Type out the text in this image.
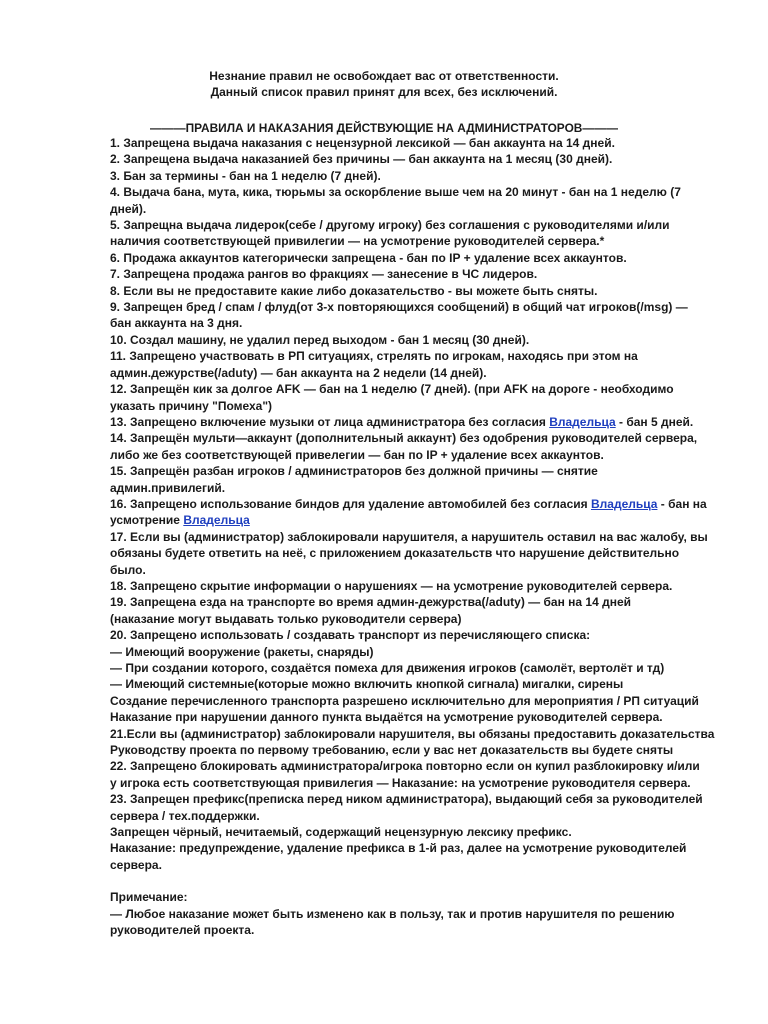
Незнание правил не освобождает вас от ответственности.
Данный список правил принят для всех, без исключений.
———ПРАВИЛА И НАКАЗАНИЯ ДЕЙСТВУЮЩИЕ НА АДМИНИСТРАТОРОВ———
1. Запрещена выдача наказания с нецензурной лексикой — бан аккаунта на 14 дней.
2. Запрещена выдача наказанией без причины — бан аккаунта на 1 месяц (30 дней).
3. Бан за термины - бан на 1 неделю (7 дней).
4. Выдача бана, мута, кика, тюрьмы за оскорбление выше чем на 20 минут - бан на 1 неделю (7
дней).
5. Запрещна выдача лидерок(себе / другому игроку) без соглашения с руководителями и/или
наличия соответствующей привилегии — на усмотрение руководителей сервера.*
6. Продажа аккаунтов категорически запрещена - бан по IP + удаление всех аккаунтов.
7. Запрещена продажа рангов во фракциях — занесение в ЧС лидеров.
8. Если вы не предоставите какие либо доказательство - вы можете быть сняты.
9. Запрещен бред / спам / флуд(от 3-х повторяющихся сообщений) в общий чат игроков(/msg) —
бан аккаунта на 3 дня.
10. Создал машину, не удалил перед выходом - бан 1 месяц (30 дней).
11. Запрещено участвовать в РП ситуациях, стрелять по игрокам, находясь при этом на
админ.дежурстве(/aduty) — бан аккаунта на 2 недели (14 дней).
12. Запрещён кик за долгое AFK — бан на 1 неделю (7 дней). (при AFK на дороге - необходимо
указать причину "Помеха")
13. Запрещено включение музыки от лица администратора без согласия Владельца - бан 5 дней.
14. Запрещён мульти—аккаунт (дополнительный аккаунт) без одобрения руководителей сервера,
либо же без соответствующей привелегии — бан по IP + удаление всех аккаунтов.
15. Запрещён разбан игроков / администраторов без должной причины — снятие
админ.привилегий.
16. Запрещено использование биндов для удаление автомобилей без согласия Владельца - бан на
усмотрение Владельца
17. Если вы (администратор) заблокировали нарушителя, а нарушитель оставил на вас жалобу, вы
обязаны будете ответить на неё, с приложением доказательств что нарушение действительно
было.
18. Запрещено скрытие информации о нарушениях — на усмотрение руководителей сервера.
19. Запрещена езда на транспорте во время админ-дежурства(/aduty) — бан на 14 дней
(наказание могут выдавать только руководители сервера)
20. Запрещено использовать / создавать транспорт из перечисляющего списка:
— Имеющий вооружение (ракеты, снаряды)
— При создании которого, создаётся помеха для движения игроков (самолёт, вертолёт и тд)
— Имеющий системные(которые можно включить кнопкой сигнала) мигалки, сирены
Создание перечисленного транспорта разрешено исключительно для мероприятия / РП ситуаций
Наказание при нарушении данного пункта выдаётся на усмотрение руководителей сервера.
21.Если вы (администратор) заблокировали нарушителя, вы обязаны предоставить доказательства
Руководству проекта по первому требованию, если у вас нет доказательств вы будете сняты
22. Запрещено блокировать администратора/игрока повторно если он купил разблокировку и/или
у игрока есть соответствующая привилегия — Наказание: на усмотрение руководителя сервера.
23. Запрещен префикс(преписка перед ником администратора), выдающий себя за руководителей
сервера / тех.поддержки.
Запрещен чёрный, нечитаемый, содержащий нецензурную лексику префикс.
Наказание: предупреждение, удаление префикса в 1-й раз, далее на усмотрение руководителей
сервера.
Примечание:
— Любое наказание может быть изменено как в пользу, так и против нарушителя по решению
руководителей проекта.
